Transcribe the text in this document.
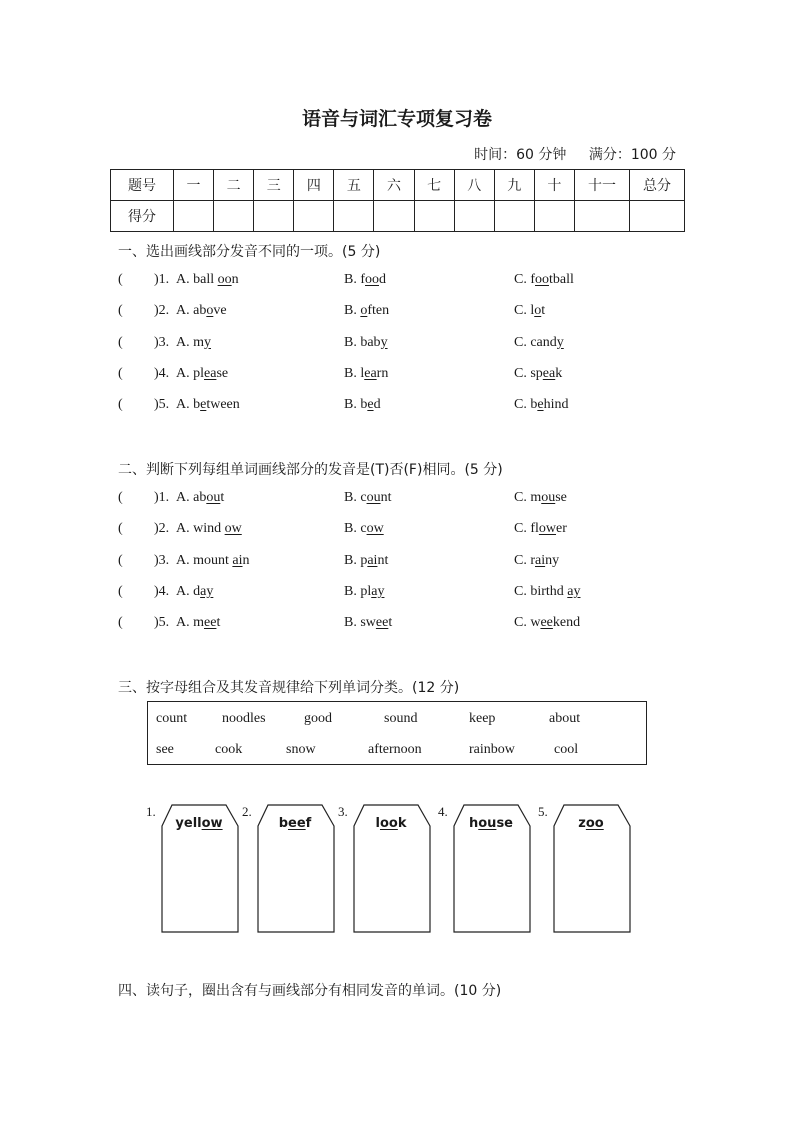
语音与词汇专项复习卷
时间：60 分钟 满分：100 分
题号	一	二	三	四	五	六	七	八	九	十	十一	总分
得分												
一、选出画线部分发音不同的一项。(5 分)
( )1. A. ball oon	B. food	C. football
( )2. A. above	B. often	C. lot
( )3. A. my	B. baby	C. candy
( )4. A. please	B. learn	C. speak
( )5. A. between	B. bed	C. behind
二、判断下列每组单词画线部分的发音是(T)否(F)相同。(5 分)
( )1. A. about	B. count	C. mouse
( )2. A. wind ow	B. cow	C. flower
( )3. A. mount ain	B. paint	C. rainy
( )4. A. day	B. play	C. birthd ay
( )5. A. meet	B. sweet	C. weekend
三、按字母组合及其发音规律给下列单词分类。(12 分)
count noodles	good	sound	keep	about
see	cook	snow	afternoon	rainbow	cool
1.
yellow
2.
beef
3.
look
4.
house
5.
zoo
四、读句子，圈出含有与画线部分有相同发音的单词。(10 分)
